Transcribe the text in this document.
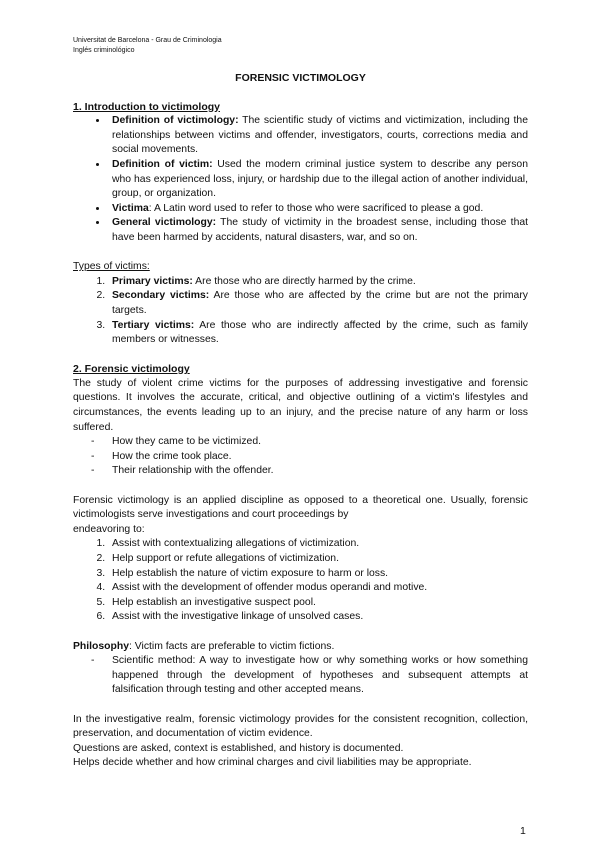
Universitat de Barcelona - Grau de Criminologia
Inglés criminológico
FORENSIC VICTIMOLOGY
1. Introduction to victimology
• Definition of victimology: The scientific study of victims and victimization, including the relationships between victims and offender, investigators, courts, corrections media and social movements.
• Definition of victim: Used the modern criminal justice system to describe any person who has experienced loss, injury, or hardship due to the illegal action of another individual, group, or organization.
• Victima: A Latin word used to refer to those who were sacrificed to please a god.
• General victimology: The study of victimity in the broadest sense, including those that have been harmed by accidents, natural disasters, war, and so on.

Types of victims:

1. Primary victims: Are those who are directly harmed by the crime.
2. Secondary victims: Are those who are affected by the crime but are not the primary targets.
3. Tertiary victims: Are those who are indirectly affected by the crime, such as family members or witnesses.
2. Forensic victimology

The study of violent crime victims for the purposes of addressing investigative and forensic questions. It involves the accurate, critical, and objective outlining of a victim's lifestyles and circumstances, the events leading up to an injury, and the precise nature of any harm or loss suffered.

- How they came to be victimized.
- How the crime took place.
- Their relationship with the offender.

Forensic victimology is an applied discipline as opposed to a theoretical one. Usually, forensic victimologists serve investigations and court proceedings by

endeavoring to:

1. Assist with contextualizing allegations of victimization.
2. Help support or refute allegations of victimization.
3. Help establish the nature of victim exposure to harm or loss.
4. Assist with the development of offender modus operandi and motive.
5. Help establish an investigative suspect pool.
6. Assist with the investigative linkage of unsolved cases.

Philosophy: Victim facts are preferable to victim fictions.

- Scientific method: A way to investigate how or why something works or how something happened through the development of hypotheses and subsequent attempts at falsification through testing and other accepted means.

In the investigative realm, forensic victimology provides for the consistent recognition, collection, preservation, and documentation of victim evidence.

Questions are asked, context is established, and history is documented.

Helps decide whether and how criminal charges and civil liabilities may be appropriate.

1
